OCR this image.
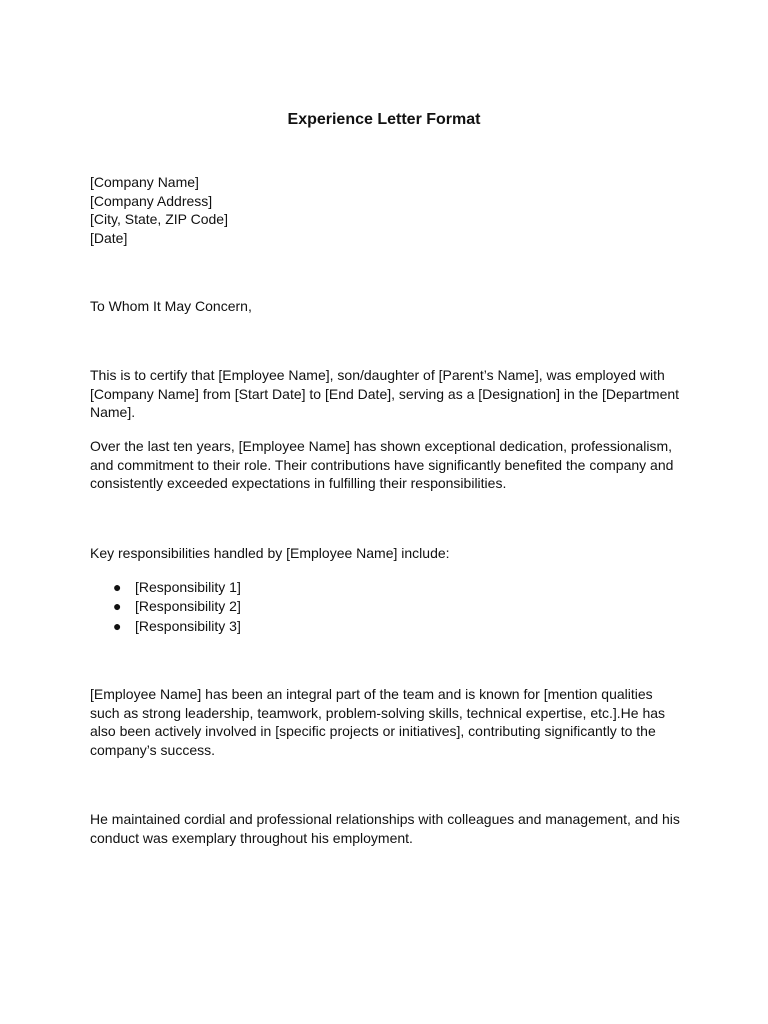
Experience Letter Format
[Company Name]
[Company Address]
[City, State, ZIP Code]
[Date]

To Whom It May Concern,

This is to certify that [Employee Name], son/daughter of [Parent’s Name], was employed with [Company Name] from [Start Date] to [End Date], serving as a [Designation] in the [Department Name].

Over the last ten years, [Employee Name] has shown exceptional dedication, professionalism, and commitment to their role. Their contributions have significantly benefited the company and consistently exceeded expectations in fulfilling their responsibilities.

Key responsibilities handled by [Employee Name] include:

● [Responsibility 1]
● [Responsibility 2]
● [Responsibility 3]

[Employee Name] has been an integral part of the team and is known for [mention qualities such as strong leadership, teamwork, problem-solving skills, technical expertise, etc.].He has also been actively involved in [specific projects or initiatives], contributing significantly to the company’s success.

He maintained cordial and professional relationships with colleagues and management, and his conduct was exemplary throughout his employment.
